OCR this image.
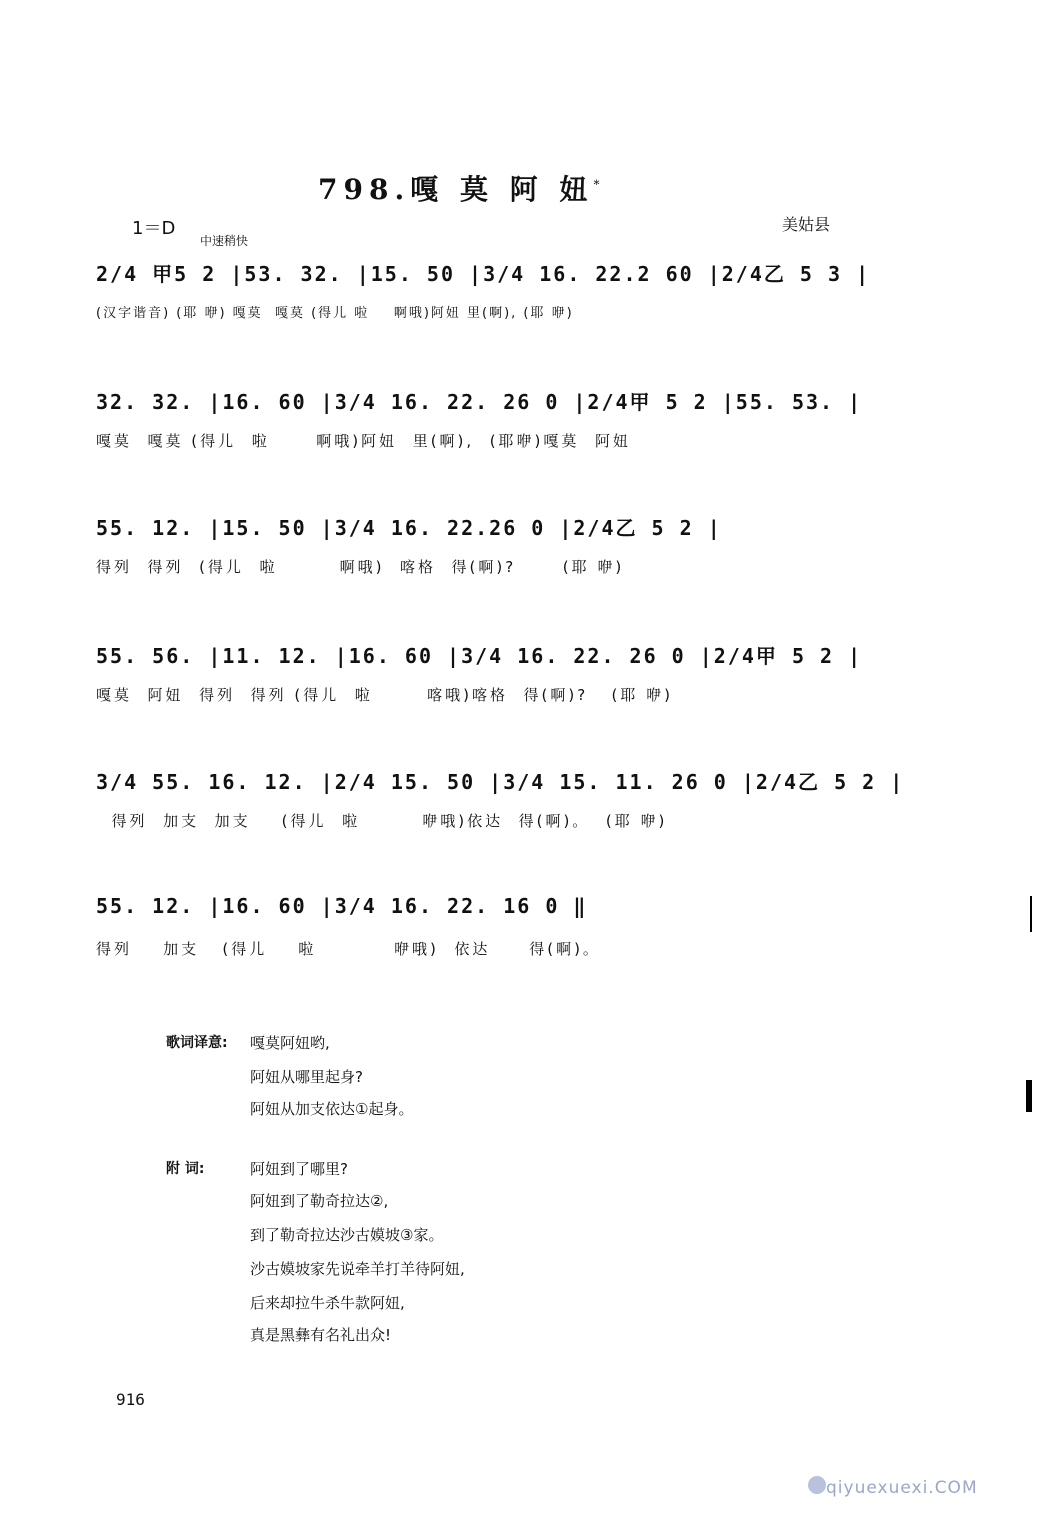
798.嘎 莫 阿 妞*
1＝D
中速稍快
美姑县
2/4 甲5 2 |53. 32. |15. 50 |3/4 16. 22.2 60 |2/4乙 5 3 |
(汉字谐音) (耶 咿) 嘎莫  嘎莫 (得儿 啦    啊哦)阿妞 里(啊), (耶 咿)
32. 32. |16. 60 |3/4 16. 22. 26 0 |2/4甲 5 2 |55. 53. |
嘎莫  嘎莫 (得儿  啦      啊哦)阿妞  里(啊),  (耶咿)嘎莫  阿妞
55. 12. |15. 50 |3/4 16. 22.26 0 |2/4乙 5 2 |
得列  得列  (得儿  啦        啊哦)  喀格  得(啊)?      (耶 咿)
55. 56. |11. 12. |16. 60 |3/4 16. 22. 26 0 |2/4甲 5 2 |
嘎莫  阿妞  得列  得列 (得儿  啦       喀哦)喀格  得(啊)?   (耶 咿)
3/4 55. 16. 12. |2/4 15. 50 |3/4 15. 11. 26 0 |2/4乙 5 2 |
得列  加支  加支    (得儿  啦        咿哦)依达  得(啊)。  (耶 咿)
55. 12. |16. 60 |3/4 16. 22. 16 0 ‖
得列    加支   (得儿    啦          咿哦)  依达     得(啊)。
歌词译意: 嘎莫阿妞哟,
阿妞从哪里起身?
阿妞从加支依达①起身。
附 词:	阿妞到了哪里?
阿妞到了勒奇拉达②,
到了勒奇拉达沙古嫫坡③家。
沙古嫫坡家先说牵羊打羊待阿妞,
后来却拉牛杀牛款阿妞,
真是黑彝有名礼出众!
916
qiyuexuexi.COM
